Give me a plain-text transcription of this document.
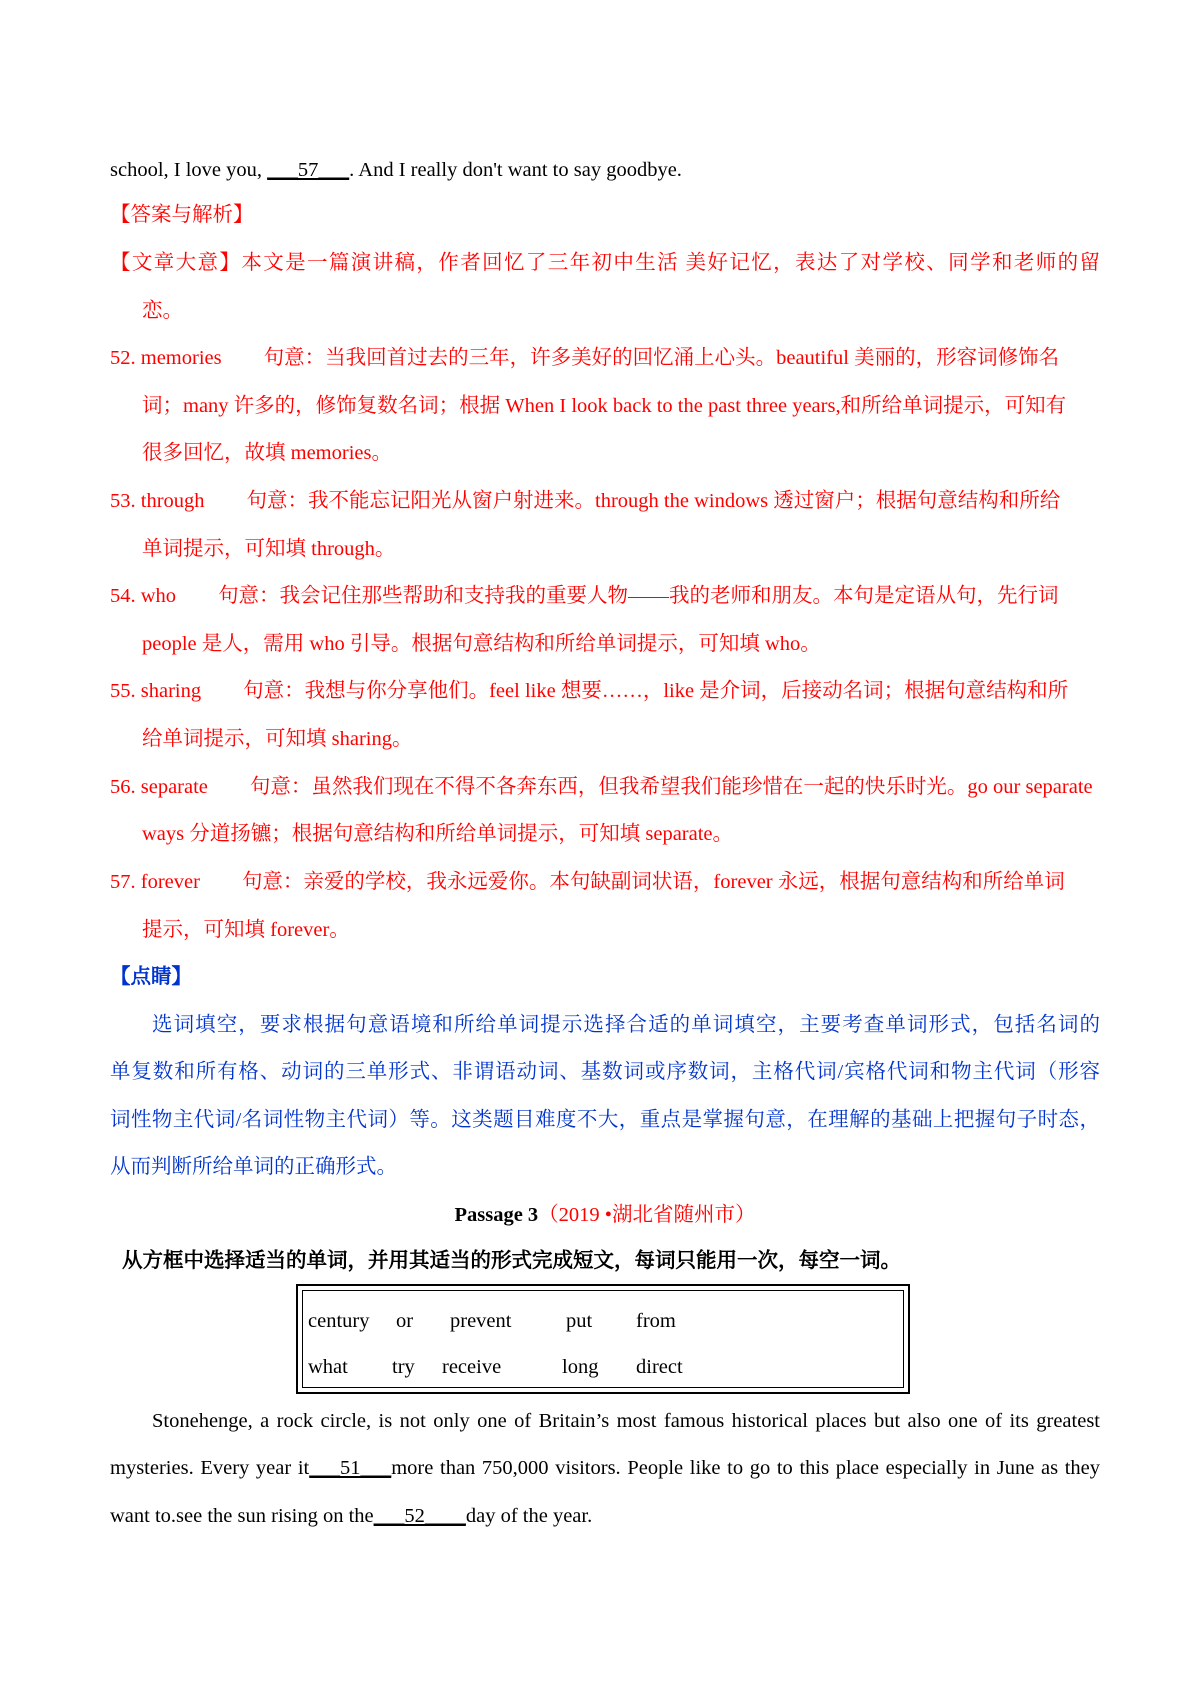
school, I love you, ___57___. And I really don't want to say goodbye.
【答案与解析】
【文章大意】本文是一篇演讲稿，作者回忆了三年初中生活 美好记忆，表达了对学校、同学和老师的留
恋。
52. memories 句意：当我回首过去的三年，许多美好的回忆涌上心头。beautiful 美丽的，形容词修饰名
词；many 许多的，修饰复数名词；根据 When I look back to the past three years,和所给单词提示，可知有
很多回忆，故填 memories。
53. through 句意：我不能忘记阳光从窗户射进来。through the windows 透过窗户；根据句意结构和所给
单词提示，可知填 through。
54. who 句意：我会记住那些帮助和支持我的重要人物——我的老师和朋友。本句是定语从句，先行词
people 是人，需用 who 引导。根据句意结构和所给单词提示，可知填 who。
55. sharing 句意：我想与你分享他们。feel like 想要……，like 是介词，后接动名词；根据句意结构和所
给单词提示，可知填 sharing。
56. separate 句意：虽然我们现在不得不各奔东西，但我希望我们能珍惜在一起的快乐时光。go our separate
ways 分道扬镳；根据句意结构和所给单词提示，可知填 separate。
57. forever 句意：亲爱的学校，我永远爱你。本句缺副词状语，forever 永远，根据句意结构和所给单词
提示，可知填 forever。
【点睛】
选词填空，要求根据句意语境和所给单词提示选择合适的单词填空，主要考查单词形式，包括名词的
单复数和所有格、动词的三单形式、非谓语动词、基数词或序数词，主格代词/宾格代词和物主代词（形容
词性物主代词/名词性物主代词）等。这类题目难度不大，重点是掌握句意，在理解的基础上把握句子时态，
从而判断所给单词的正确形式。
Passage 3（2019 •湖北省随州市）
从方框中选择适当的单词，并用其适当的形式完成短文，每词只能用一次，每空一词。
century or prevent	put from
what try receive	long direct
Stonehenge, a rock circle, is not only one of Britain’s most famous historical places but also one of its greatest
mysteries. Every year it___51___more than 750,000 visitors. People like to go to this place especially in June as they
want to.see the sun rising on the___52____day of the year.
